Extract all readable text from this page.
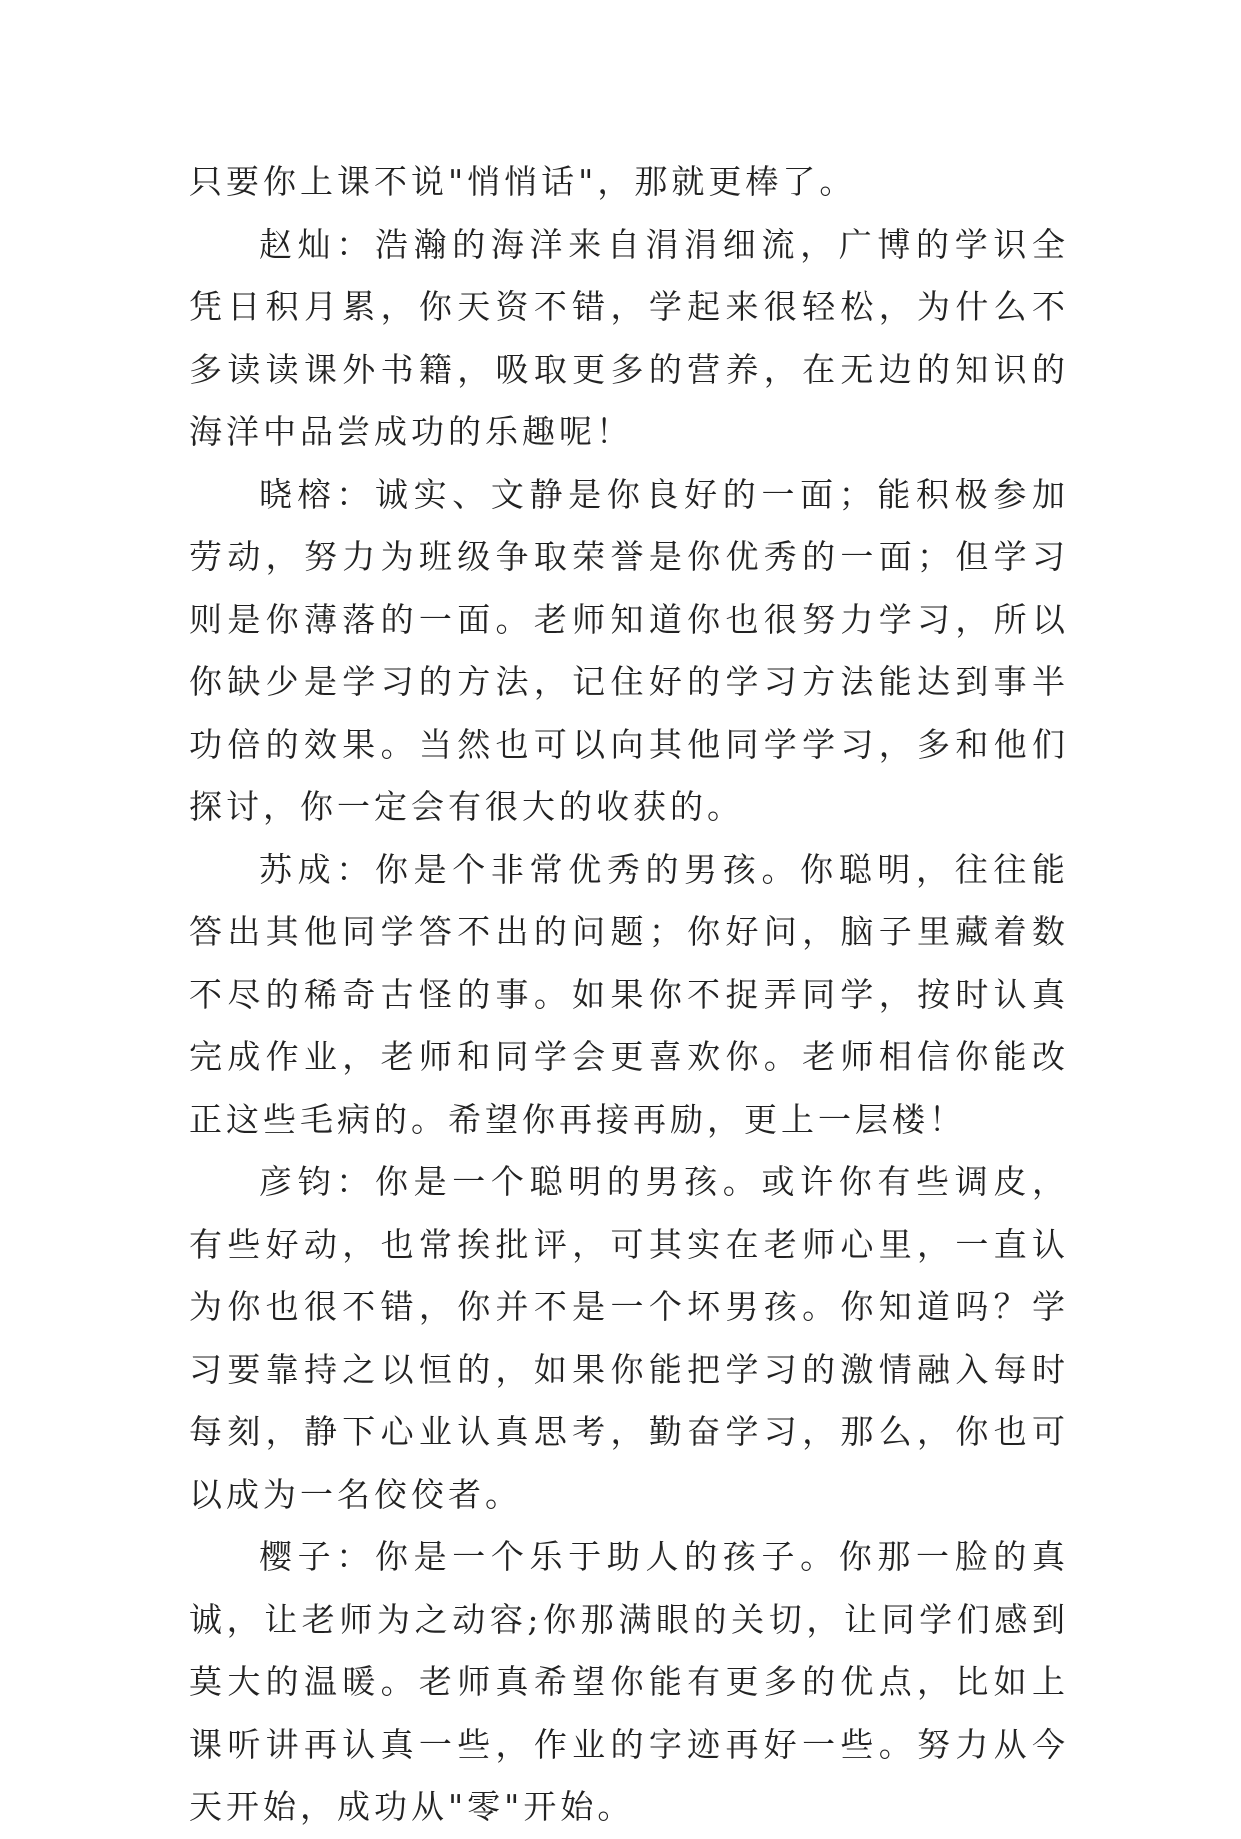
只要你上课不说"悄悄话"，那就更棒了。

赵灿：浩瀚的海洋来自涓涓细流，广博的学识全凭日积月累，你天资不错，学起来很轻松，为什么不多读读课外书籍，吸取更多的营养，在无边的知识的海洋中品尝成功的乐趣呢！

晓榕：诚实、文静是你良好的一面；能积极参加劳动，努力为班级争取荣誉是你优秀的一面；但学习则是你薄落的一面。老师知道你也很努力学习，所以你缺少是学习的方法，记住好的学习方法能达到事半功倍的效果。当然也可以向其他同学学习，多和他们探讨，你一定会有很大的收获的。

苏成：你是个非常优秀的男孩。你聪明，往往能答出其他同学答不出的问题；你好问，脑子里藏着数不尽的稀奇古怪的事。如果你不捉弄同学，按时认真完成作业，老师和同学会更喜欢你。老师相信你能改正这些毛病的。希望你再接再励，更上一层楼！

彦钧：你是一个聪明的男孩。或许你有些调皮，有些好动，也常挨批评，可其实在老师心里，一直认为你也很不错，你并不是一个坏男孩。你知道吗？学习要靠持之以恒的，如果你能把学习的激情融入每时每刻，静下心业认真思考，勤奋学习，那么，你也可以成为一名佼佼者。

樱子：你是一个乐于助人的孩子。你那一脸的真诚，让老师为之动容;你那满眼的关切，让同学们感到莫大的温暖。老师真希望你能有更多的优点，比如上课听讲再认真一些，作业的字迹再好一些。努力从今天开始，成功从"零"开始。
